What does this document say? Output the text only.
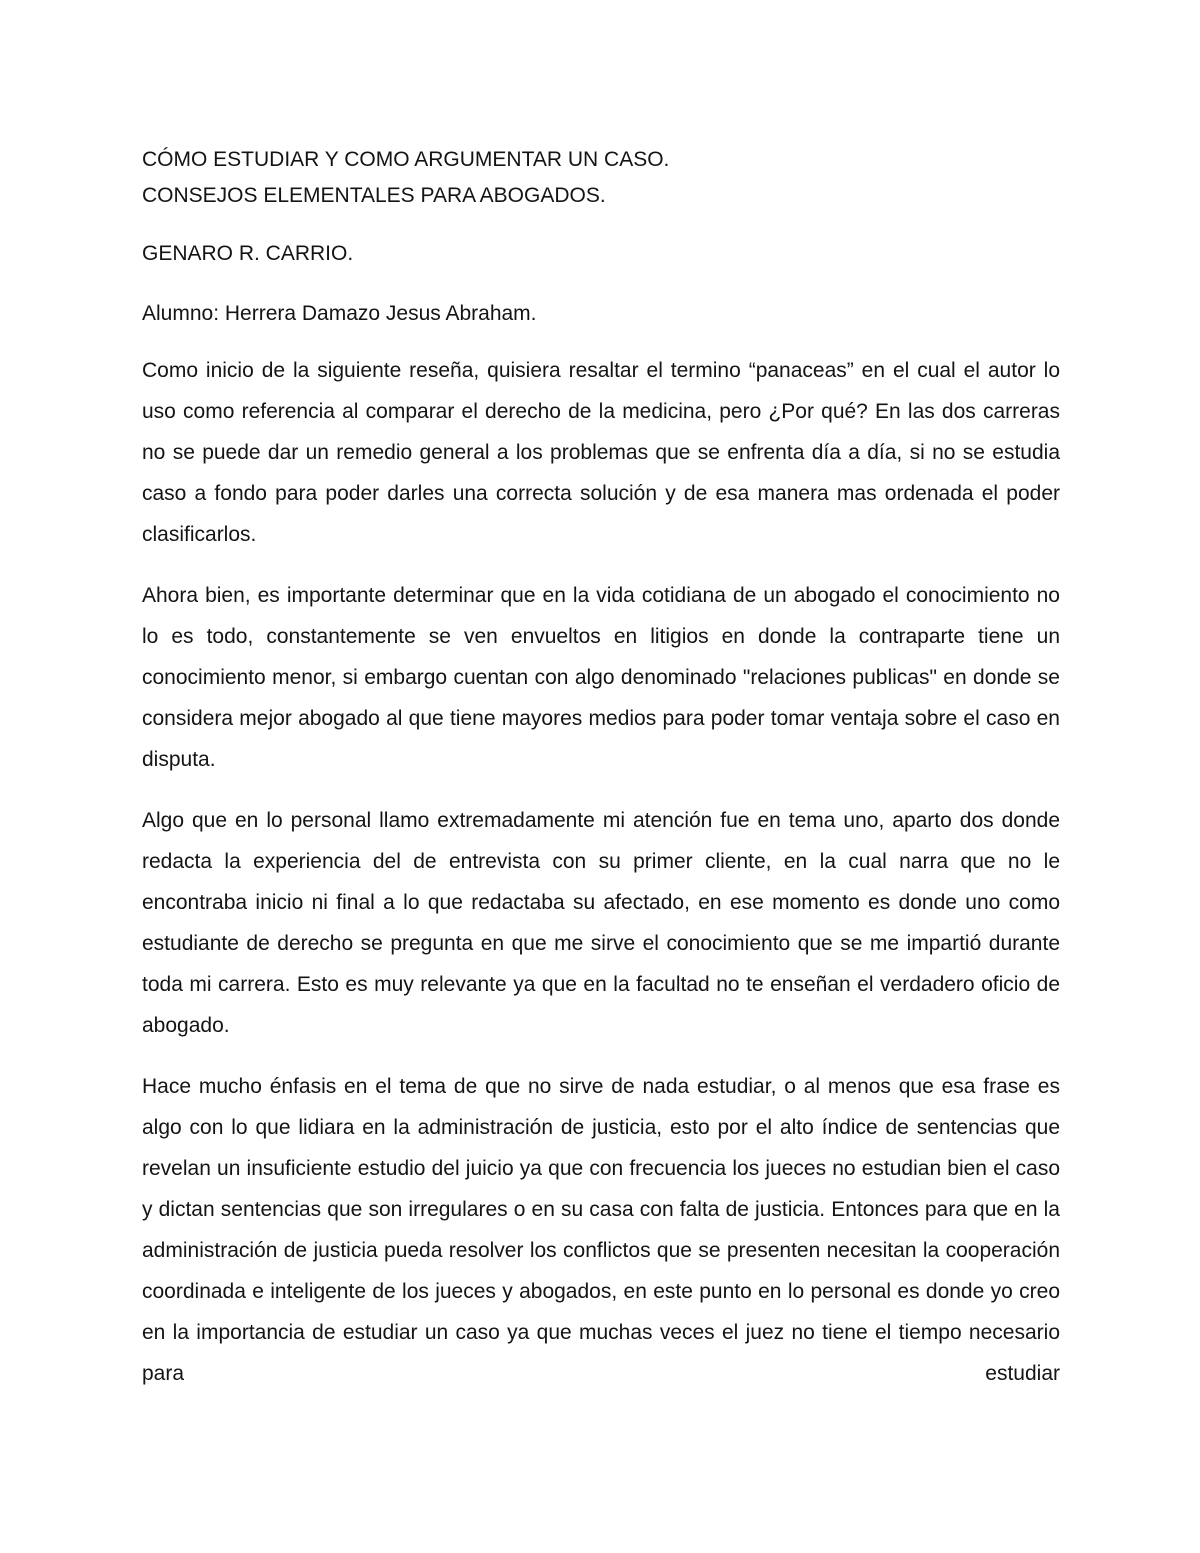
CÓMO ESTUDIAR Y COMO ARGUMENTAR UN CASO.

CONSEJOS ELEMENTALES PARA ABOGADOS.

GENARO R. CARRIO.

Alumno: Herrera Damazo Jesus Abraham.

Como inicio de la siguiente reseña, quisiera resaltar el termino “panaceas” en el cual el autor lo uso como referencia al comparar el derecho de la medicina, pero ¿Por qué? En las dos carreras no se puede dar un remedio general a los problemas que se enfrenta día a día, si no se estudia caso a fondo para poder darles una correcta solución y de esa manera mas ordenada el poder clasificarlos.

Ahora bien, es importante determinar que en la vida cotidiana de un abogado el conocimiento no lo es todo, constantemente se ven envueltos en litigios en donde la contraparte tiene un conocimiento menor, si embargo cuentan con algo denominado "relaciones publicas" en donde se considera mejor abogado al que tiene mayores medios para poder tomar ventaja sobre el caso en disputa.

Algo que en lo personal llamo extremadamente mi atención fue en tema uno, aparto dos donde redacta la experiencia del de entrevista con su primer cliente, en la cual narra que no le encontraba inicio ni final a lo que redactaba su afectado, en ese momento es donde uno como estudiante de derecho se pregunta en que me sirve el conocimiento que se me impartió durante toda mi carrera. Esto es muy relevante ya que en la facultad no te enseñan el verdadero oficio de abogado.

Hace mucho énfasis en el tema de que no sirve de nada estudiar, o al menos que esa frase es algo con lo que lidiara en la administración de justicia, esto por el alto índice de sentencias que revelan un insuficiente estudio del juicio ya que con frecuencia los jueces no estudian bien el caso y dictan sentencias que son irregulares o en su casa con falta de justicia. Entonces para que en la administración de justicia pueda resolver los conflictos que se presenten necesitan la cooperación coordinada e inteligente de los jueces y abogados, en este punto en lo personal es donde yo creo en la importancia de estudiar un caso ya que muchas veces el juez no tiene el tiempo necesario para estudiar
